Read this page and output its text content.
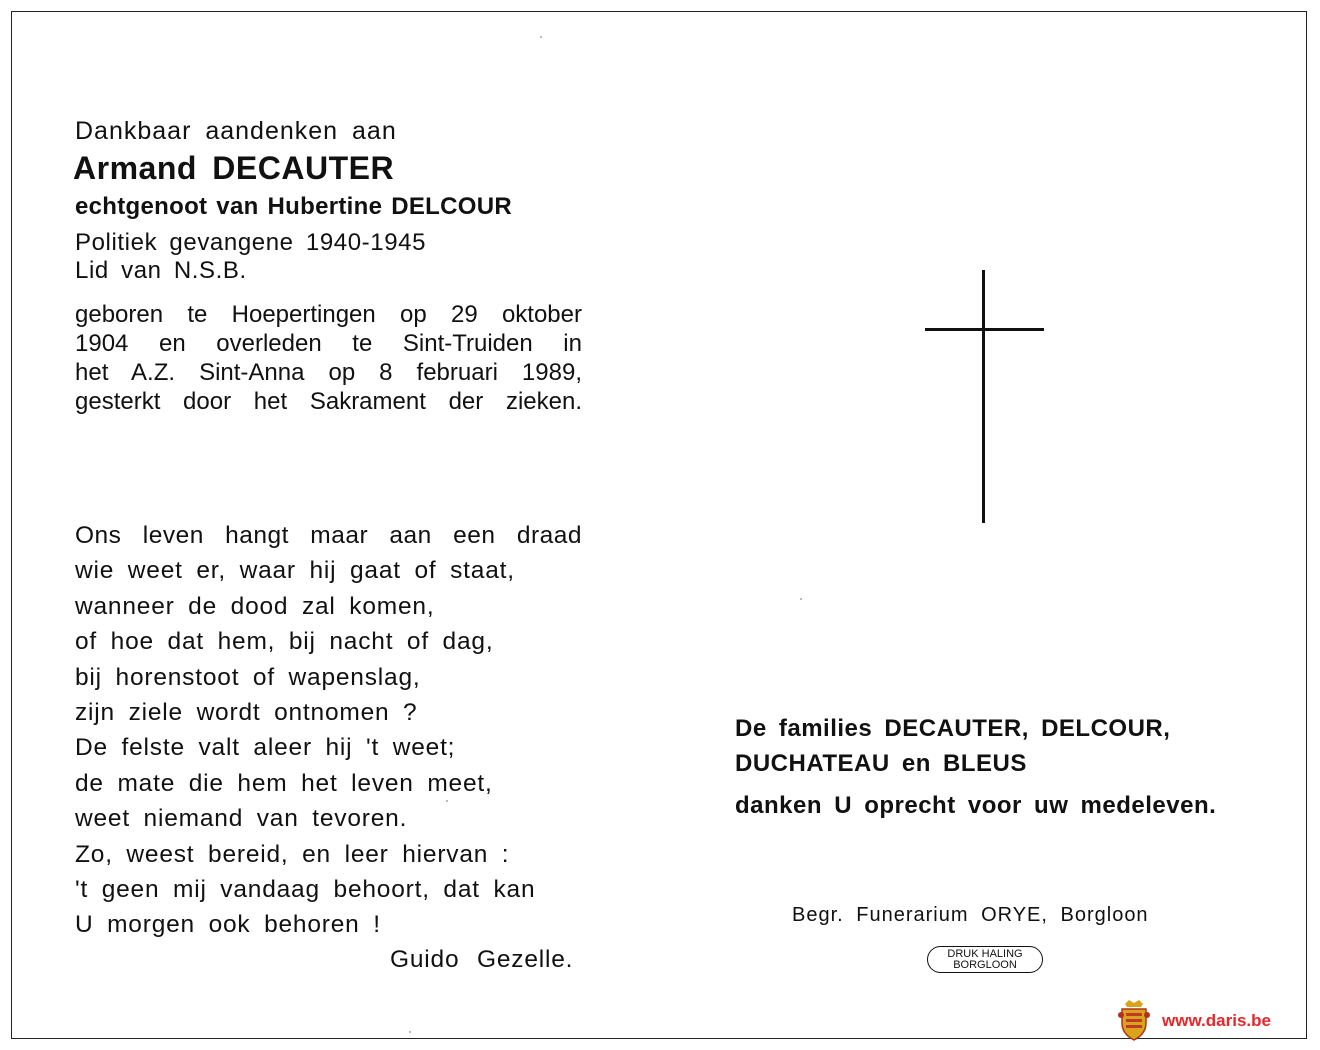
Dankbaar aandenken aan
Armand DECAUTER
echtgenoot van Hubertine DELCOUR
Politiek gevangene 1940-1945
Lid van N.S.B.
geboren te Hoepertingen op 29 oktober
1904 en overleden te Sint-Truiden in
het A.Z. Sint-Anna op 8 februari 1989,
gesterkt door het Sakrament der zieken.
Ons leven hangt maar aan een draad
wie weet er, waar hij gaat of staat,
wanneer de dood zal komen,
of hoe dat hem, bij nacht of dag,
bij horenstoot of wapenslag,
zijn ziele wordt ontnomen ?
De felste valt aleer hij 't weet;
de mate die hem het leven meet,
weet niemand van tevoren.
Zo, weest bereid, en leer hiervan :
't geen mij vandaag behoort, dat kan
U morgen ook behoren !
Guido Gezelle.
De families DECAUTER, DELCOUR,
DUCHATEAU en BLEUS
danken U oprecht voor uw medeleven.
Begr. Funerarium ORYE, Borgloon
DRUK HALING
BORGLOON
www.daris.be
